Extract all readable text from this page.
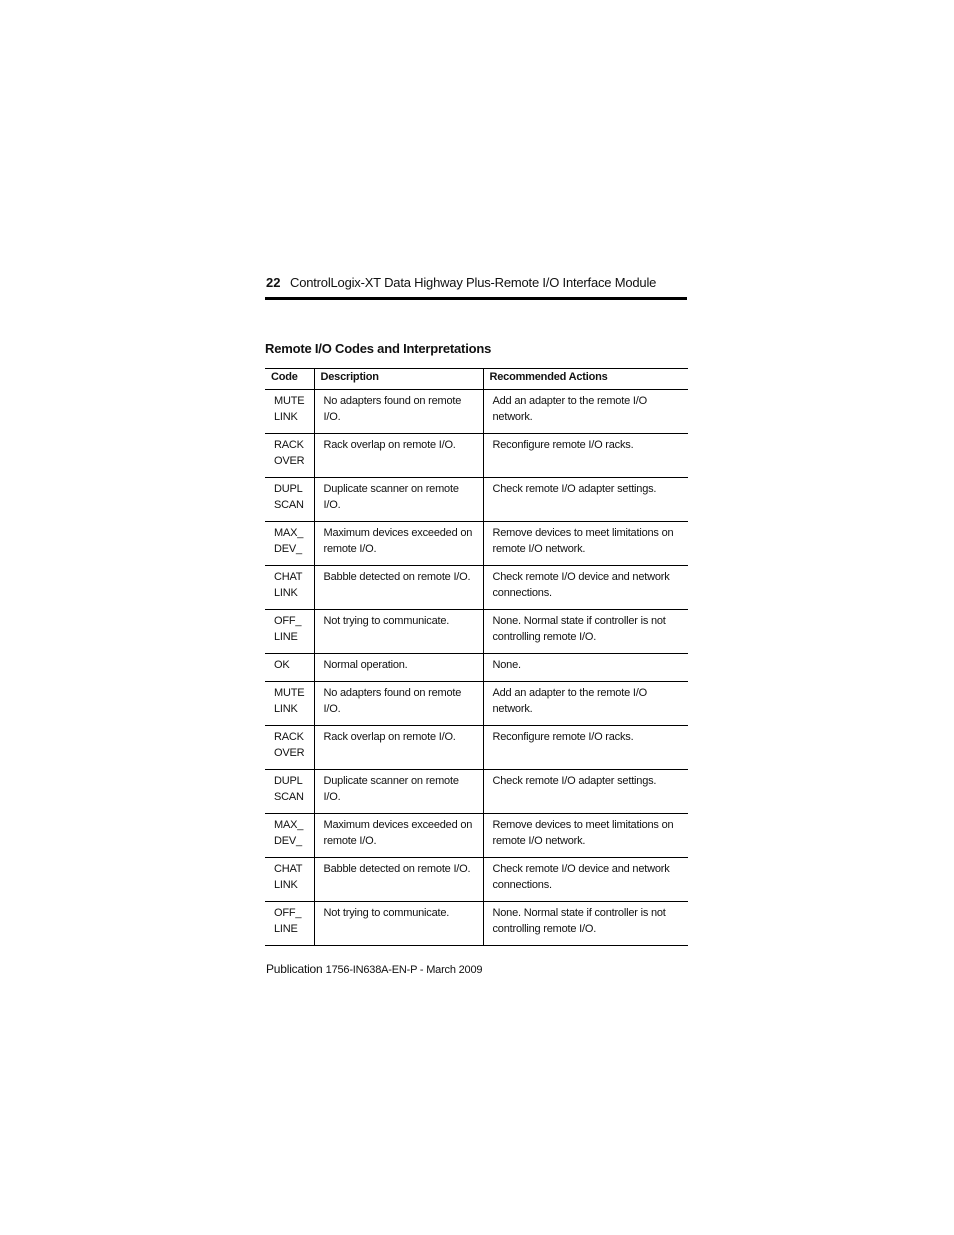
22 ControlLogix-XT Data Highway Plus-Remote I/O Interface Module
Remote I/O Codes and Interpretations
Code	Description	Recommended Actions

MUTE
LINK	No adapters found on remote I/O.	Add an adapter to the remote I/O network.

RACK
OVER	Rack overlap on remote I/O.	Reconfigure remote I/O racks.

DUPL
SCAN	Duplicate scanner on remote I/O.	Check remote I/O adapter settings.

MAX_
DEV_	Maximum devices exceeded on remote I/O.	Remove devices to meet limitations on remote I/O network.

CHAT
LINK	Babble detected on remote I/O.	Check remote I/O device and network connections.

OFF_
LINE	Not trying to communicate.	None. Normal state if controller is not controlling remote I/O.

OK	Normal operation.	None.

MUTE
LINK	No adapters found on remote I/O.	Add an adapter to the remote I/O network.

RACK
OVER	Rack overlap on remote I/O.	Reconfigure remote I/O racks.

DUPL
SCAN	Duplicate scanner on remote I/O.	Check remote I/O adapter settings.

MAX_
DEV_	Maximum devices exceeded on remote I/O.	Remove devices to meet limitations on remote I/O network.

CHAT
LINK	Babble detected on remote I/O.	Check remote I/O device and network connections.

OFF_
LINE	Not trying to communicate.	None. Normal state if controller is not controlling remote I/O.
Publication 1756-IN638A-EN-P - March 2009
